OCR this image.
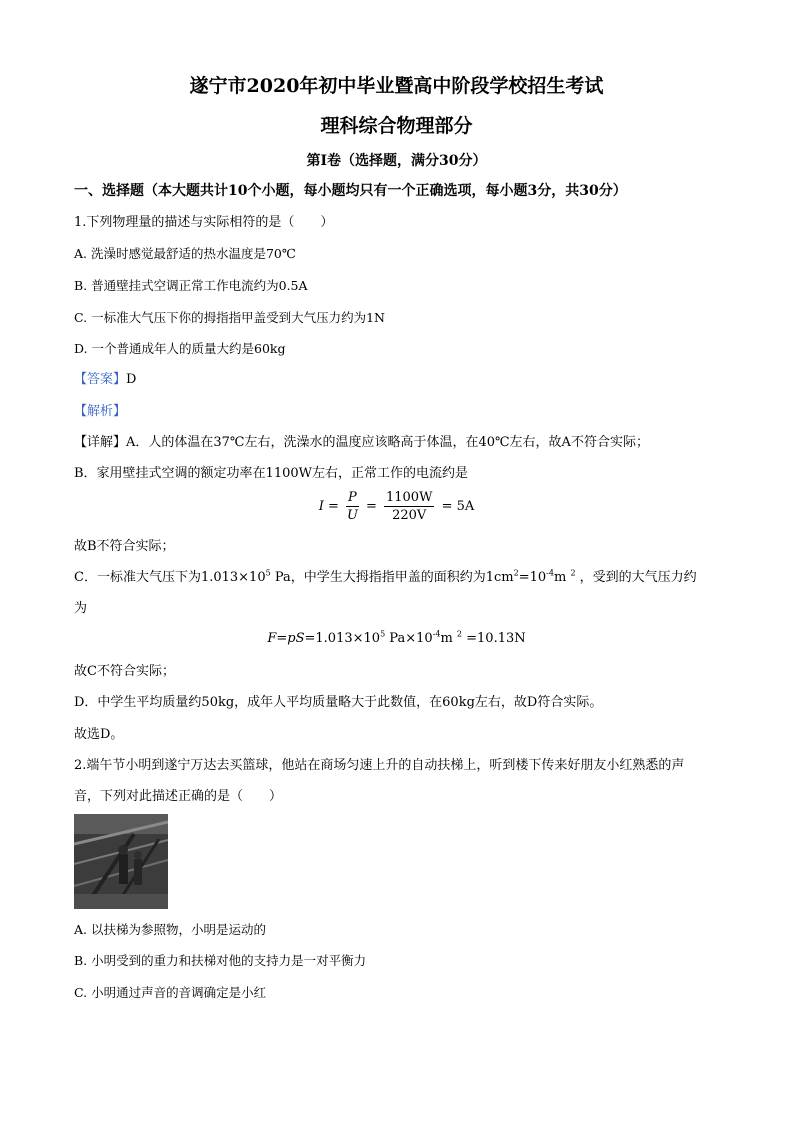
遂宁市2020年初中毕业暨高中阶段学校招生考试
理科综合物理部分
第I卷（选择题，满分30分）
一、选择题（本大题共计10个小题，每小题均只有一个正确选项，每小题3分，共30分）
1.下列物理量的描述与实际相符的是（　　）
A. 洗澡时感觉最舒适的热水温度是70℃
B. 普通壁挂式空调正常工作电流约为0.5A
C. 一标准大气压下你的拇指指甲盖受到大气压力约为1N
D. 一个普通成年人的质量大约是60kg
【答案】D
【解析】
【详解】A．人的体温在37℃左右，洗澡水的温度应该略高于体温，在40℃左右，故A不符合实际；
B．家用壁挂式空调的额定功率在1100W左右，正常工作的电流约是
$I = \frac{P}{U} = \frac{1100W}{220V} = 5A$
故B不符合实际；
C．一标准大气压下为$1.013\times 10^5$ Pa，中学生大拇指指甲盖的面积约为$1cm^2=10^{-4}m$ $^2$ ，受到的大气压力约
为
$F=pS=1.013\times 10^5$ $Pa\times 10^{-4}m$ $^2$ =10.13N
故C不符合实际；
D．中学生平均质量约50kg，成年人平均质量略大于此数值，在60kg左右，故D符合实际。
故选D。
2.端午节小明到遂宁万达去买篮球，他站在商场匀速上升的自动扶梯上，听到楼下传来好朋友小红熟悉的声
音，下列对此描述正确的是（　　）
A. 以扶梯为参照物，小明是运动的
B. 小明受到的重力和扶梯对他的支持力是一对平衡力
C. 小明通过声音的音调确定是小红
